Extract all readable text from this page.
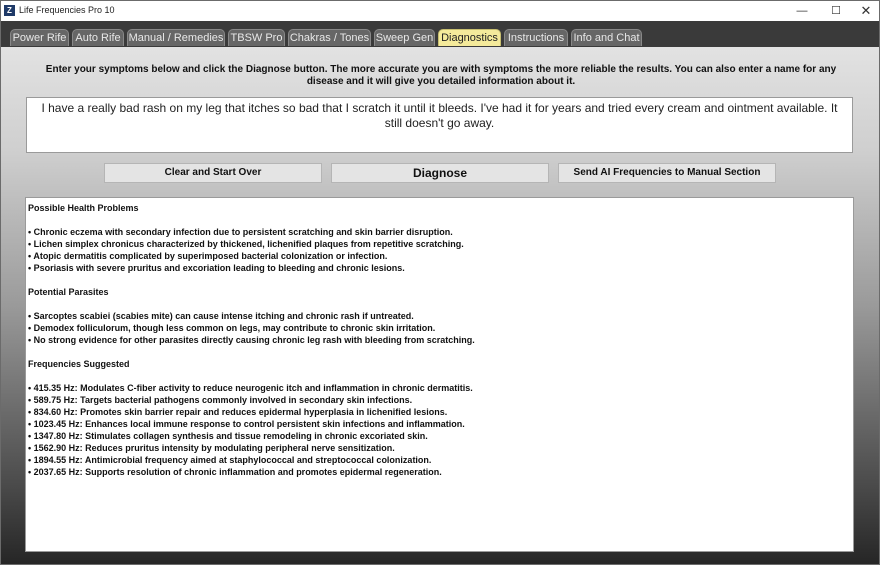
Z Life Frequencies Pro 10	—	☐	✕
Power Rife Auto Rife Manual / Remedies TBSW Pro Chakras / Tones Sweep Gen Diagnostics Instructions Info and Chat
Enter your symptoms below and click the Diagnose button. The more accurate you are with symptoms the more reliable the results. You can also enter a name for any disease and it will give you detailed information about it.
I have a really bad rash on my leg that itches so bad that I scratch it until it bleeds. I've had it for years and tried every cream and ointment available. It still doesn't go away.
Clear and Start Over	Diagnose	Send AI Frequencies to Manual Section
Possible Health Problems
• Chronic eczema with secondary infection due to persistent scratching and skin barrier disruption.
• Lichen simplex chronicus characterized by thickened, lichenified plaques from repetitive scratching.
• Atopic dermatitis complicated by superimposed bacterial colonization or infection.
• Psoriasis with severe pruritus and excoriation leading to bleeding and chronic lesions.
Potential Parasites
• Sarcoptes scabiei (scabies mite) can cause intense itching and chronic rash if untreated.
• Demodex folliculorum, though less common on legs, may contribute to chronic skin irritation.
• No strong evidence for other parasites directly causing chronic leg rash with bleeding from scratching.
Frequencies Suggested
• 415.35 Hz: Modulates C-fiber activity to reduce neurogenic itch and inflammation in chronic dermatitis.
• 589.75 Hz: Targets bacterial pathogens commonly involved in secondary skin infections.
• 834.60 Hz: Promotes skin barrier repair and reduces epidermal hyperplasia in lichenified lesions.
• 1023.45 Hz: Enhances local immune response to control persistent skin infections and inflammation.
• 1347.80 Hz: Stimulates collagen synthesis and tissue remodeling in chronic excoriated skin.
• 1562.90 Hz: Reduces pruritus intensity by modulating peripheral nerve sensitization.
• 1894.55 Hz: Antimicrobial frequency aimed at staphylococcal and streptococcal colonization.
• 2037.65 Hz: Supports resolution of chronic inflammation and promotes epidermal regeneration.
